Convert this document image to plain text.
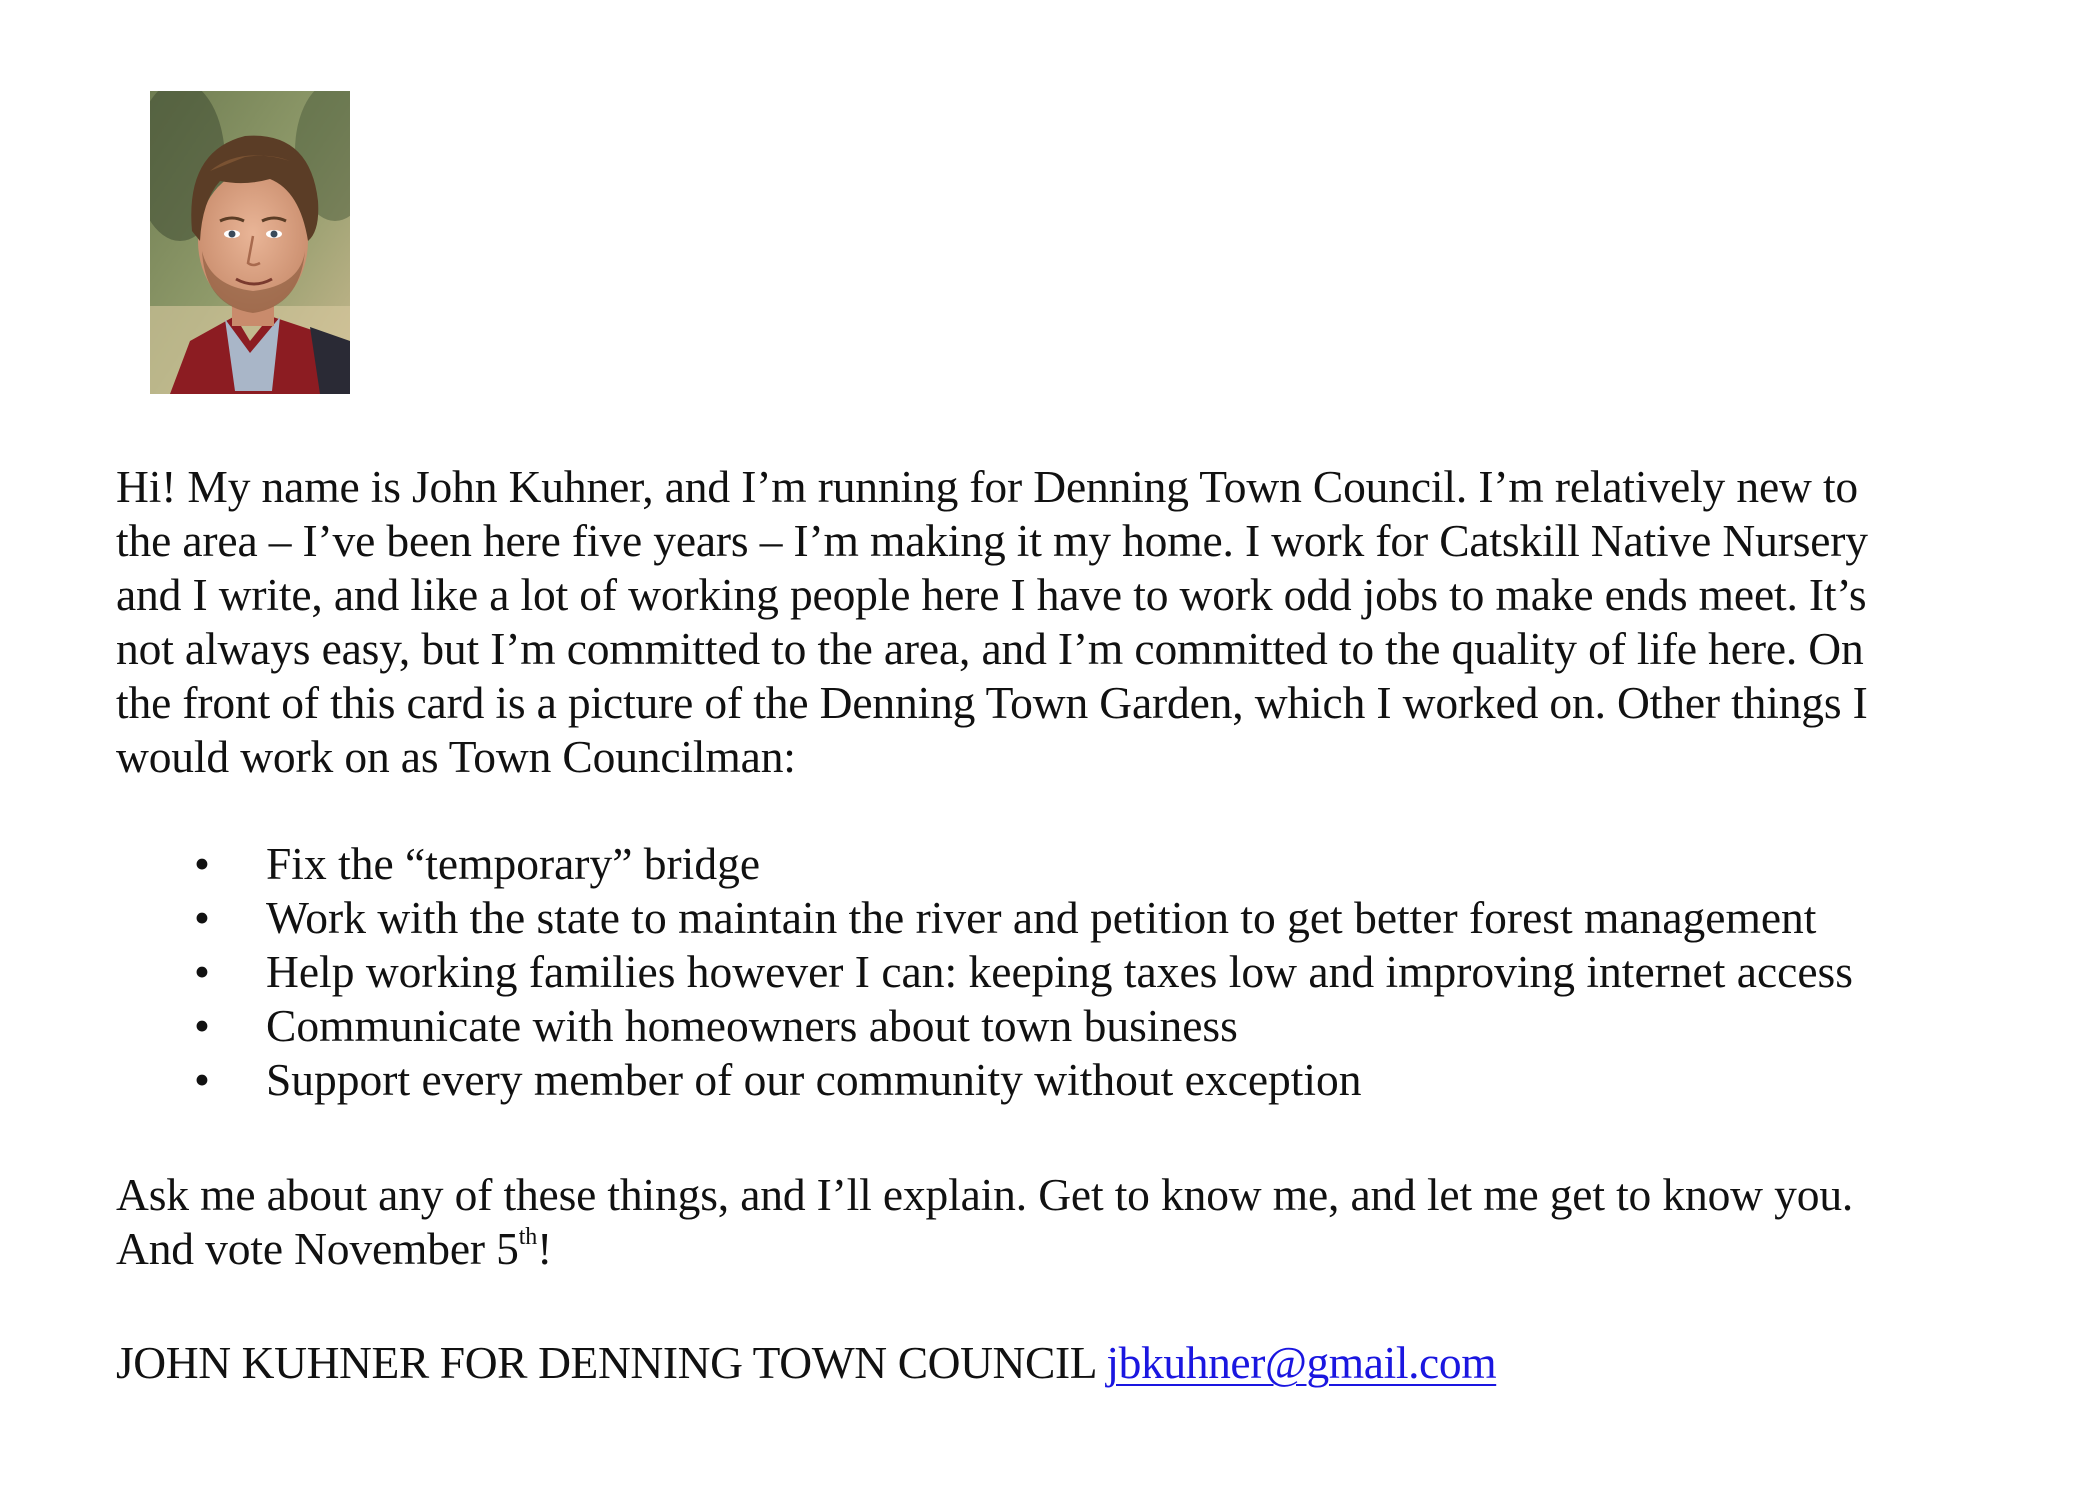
Hi! My name is John Kuhner, and I’m running for Denning Town Council. I’m relatively new to
the area – I’ve been here five years – I’m making it my home. I work for Catskill Native Nursery
and I write, and like a lot of working people here I have to work odd jobs to make ends meet. It’s
not always easy, but I’m committed to the area, and I’m committed to the quality of life here. On
the front of this card is a picture of the Denning Town Garden, which I worked on. Other things I
would work on as Town Councilman:
• Fix the “temporary” bridge
• Work with the state to maintain the river and petition to get better forest management
• Help working families however I can: keeping taxes low and improving internet access
• Communicate with homeowners about town business
• Support every member of our community without exception
Ask me about any of these things, and I’ll explain. Get to know me, and let me get to know you.
And vote November 5th!
JOHN KUHNER FOR DENNING TOWN COUNCIL jbkuhner@gmail.com
